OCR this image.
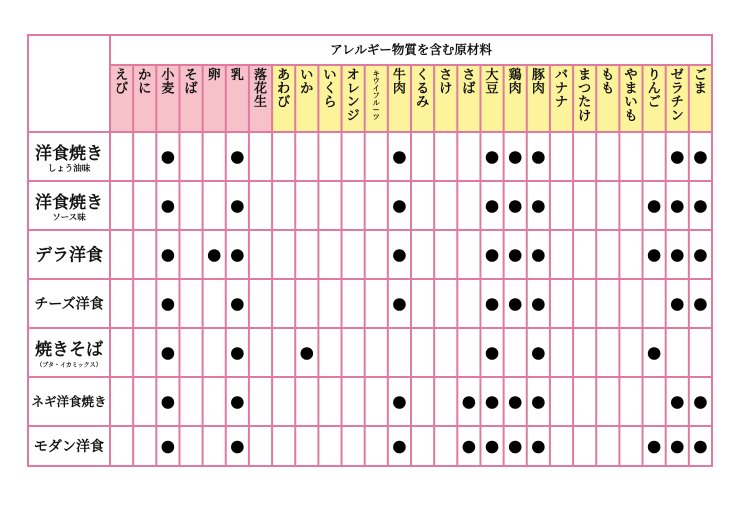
アレルギー物質を含む原材料
え
び
か
に
小
麦
そ
ば
卵 乳 落
花
生
あ
わ
び
い
か
い
く
ら
オ
レ
ン
ジ
キ
ウ
イ
フ
ル
ー
ツ
牛
肉
く
る
み
さ
け
さ
ば
大
豆
鶏
肉
豚
肉
バ
ナ
ナ
ま
つ
た
け
も
も
や
ま
い
も
り
ん
ご
ゼ
ラ
チ
ン
ご
ま
洋食焼き
しょう油味
洋食焼き
ソース味
デラ洋食
チーズ洋食
焼きそば
（ブタ・イカミックス）
ネギ洋食焼き
モダン洋食
